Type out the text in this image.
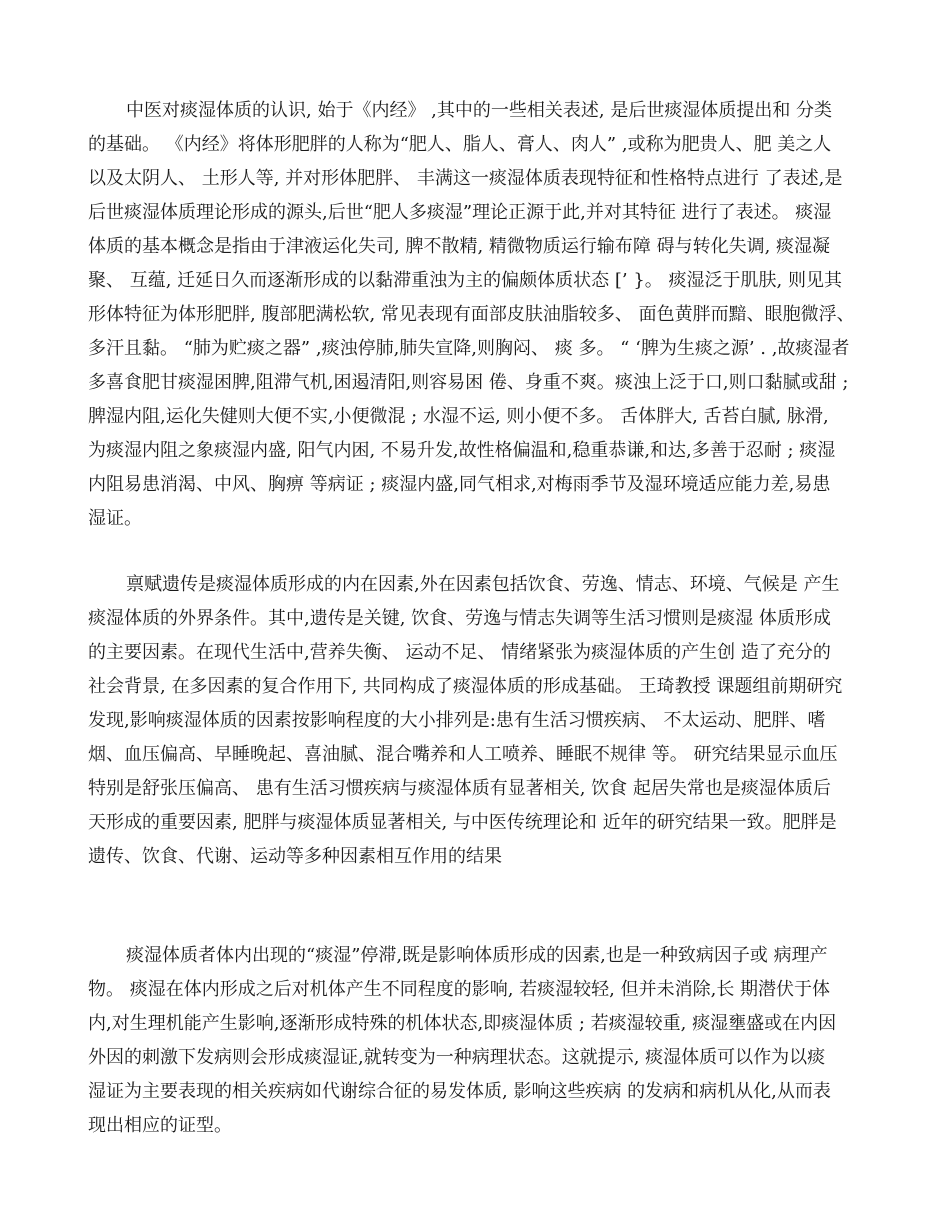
中医对痰湿体质的认识, 始于《内经》 ,其中的一些相关表述, 是后世痰湿体质提出和 分类
的基础。 《内经》将体形肥胖的人称为“肥人、脂人、膏人、肉人” ,或称为肥贵人、肥 美之人
以及太阴人、 土形人等, 并对形体肥胖、 丰满这一痰湿体质表现特征和性格特点进行 了表述,是
后世痰湿体质理论形成的源头,后世“肥人多痰湿”理论正源于此,并对其特征 进行了表述。 痰湿
体质的基本概念是指由于津液运化失司, 脾不散精, 精微物质运行输布障 碍与转化失调, 痰湿凝
聚、 互蕴, 迁延日久而逐渐形成的以黏滞重浊为主的偏颇体质状态 [’ }。 痰湿泛于肌肤, 则见其
形体特征为体形肥胖, 腹部肥满松软, 常见表现有面部皮肤油脂较多、 面色黄胖而黯、眼胞微浮、
多汗且黏。 “肺为贮痰之器” ,痰浊停肺,肺失宣降,则胸闷、 痰 多。 “ ‘脾为生痰之源’ . ,故痰湿者
多喜食肥甘痰湿困脾,阻滞气机,困遏清阳,则容易困 倦、身重不爽。痰浊上泛于口,则口黏腻或甜 ;
脾湿内阻,运化失健则大便不实,小便微混 ; 水湿不运, 则小便不多。 舌体胖大, 舌苔白腻, 脉滑,
为痰湿内阻之象痰湿内盛, 阳气内困, 不易升发,故性格偏温和,稳重恭谦,和达,多善于忍耐 ; 痰湿
内阻易患消渴、中风、胸痹 等病证 ; 痰湿内盛,同气相求,对梅雨季节及湿环境适应能力差,易患
湿证。
禀赋遗传是痰湿体质形成的内在因素,外在因素包括饮食、劳逸、情志、环境、气候是 产生
痰湿体质的外界条件。其中,遗传是关键, 饮食、劳逸与情志失调等生活习惯则是痰湿 体质形成
的主要因素。在现代生活中,营养失衡、 运动不足、 情绪紧张为痰湿体质的产生创 造了充分的
社会背景, 在多因素的复合作用下, 共同构成了痰湿体质的形成基础。 王琦教授 课题组前期研究
发现,影响痰湿体质的因素按影响程度的大小排列是:患有生活习惯疾病、 不太运动、肥胖、嗜
烟、血压偏高、早睡晚起、喜油腻、混合嘴养和人工喷养、睡眠不规律 等。 研究结果显示血压
特别是舒张压偏高、 患有生活习惯疾病与痰湿体质有显著相关, 饮食 起居失常也是痰湿体质后
天形成的重要因素, 肥胖与痰湿体质显著相关, 与中医传统理论和 近年的研究结果一致。肥胖是
遗传、饮食、代谢、运动等多种因素相互作用的结果
痰湿体质者体内出现的“痰湿”停滞,既是影响体质形成的因素,也是一种致病因子或 病理产
物。 痰湿在体内形成之后对机体产生不同程度的影响, 若痰湿较轻, 但并未消除,长 期潜伏于体
内,对生理机能产生影响,逐渐形成特殊的机体状态,即痰湿体质 ; 若痰湿较重, 痰湿壅盛或在内因
外因的刺激下发病则会形成痰湿证,就转变为一种病理状态。这就提示, 痰湿体质可以作为以痰
湿证为主要表现的相关疾病如代谢综合征的易发体质, 影响这些疾病 的发病和病机从化,从而表
现出相应的证型。
